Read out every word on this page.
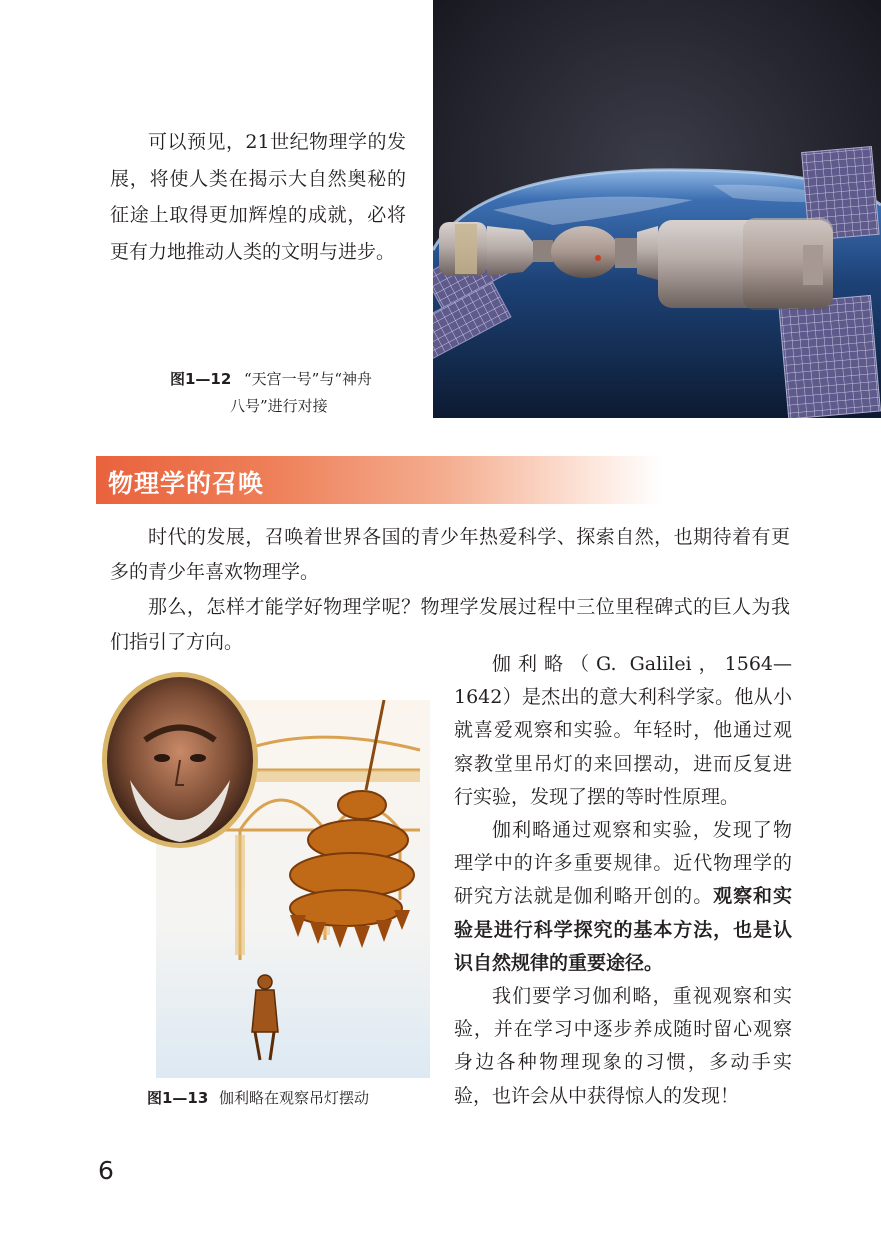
可以预见，21世纪物理学的发展，将使人类在揭示大自然奥秘的征途上取得更加辉煌的成就，必将更有力地推动人类的文明与进步。

图1—12 “天宫一号”与“神舟
八号”进行对接
物理学的召唤

时代的发展，召唤着世界各国的青少年热爱科学、探索自然，也期待着有更多的青少年喜欢物理学。

那么，怎样才能学好物理学呢？物理学发展过程中三位里程碑式的巨人为我们指引了方向。

图1—13 伽利略在观察吊灯摆动

伽利略（G. Galilei，1564—1642）是杰出的意大利科学家。他从小就喜爱观察和实验。年轻时，他通过观察教堂里吊灯的来回摆动，进而反复进行实验，发现了摆的等时性原理。

伽利略通过观察和实验，发现了物理学中的许多重要规律。近代物理学的研究方法就是伽利略开创的。观察和实验是进行科学探究的基本方法，也是认识自然规律的重要途径。

我们要学习伽利略，重视观察和实验，并在学习中逐步养成随时留心观察身边各种物理现象的习惯，多动手实验，也许会从中获得惊人的发现！

6
